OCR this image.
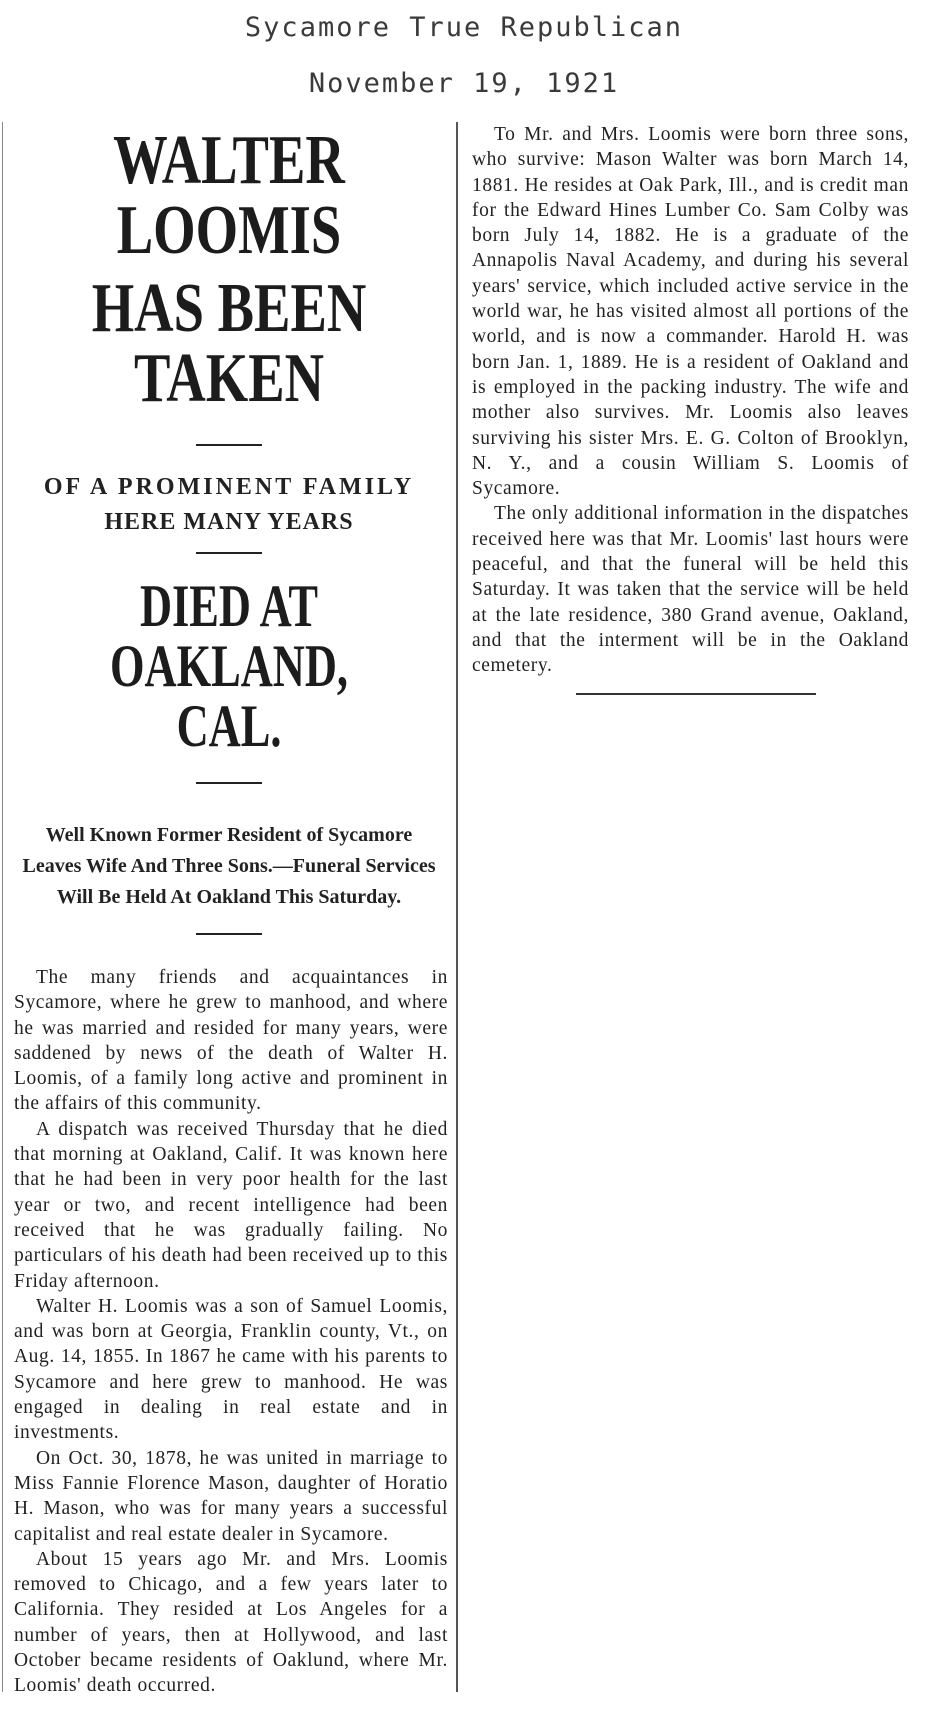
Sycamore True Republican
November 19, 1921
WALTER LOOMIS
HAS BEEN TAKEN
OF A PROMINENT FAMILY
HERE MANY YEARS
DIED AT OAKLAND, CAL.
Well Known Former Resident of Sycamore Leaves Wife And Three Sons.—Funeral Services Will Be Held At Oakland This Saturday.

The many friends and acquaintances in Sycamore, where he grew to manhood, and where he was married and resided for many years, were saddened by news of the death of Walter H. Loomis, of a family long active and prominent in the affairs of this community.

A dispatch was received Thursday that he died that morning at Oakland, Calif. It was known here that he had been in very poor health for the last year or two, and recent intelligence had been received that he was gradually failing. No particulars of his death had been received up to this Friday afternoon.

Walter H. Loomis was a son of Samuel Loomis, and was born at Georgia, Franklin county, Vt., on Aug. 14, 1855. In 1867 he came with his parents to Sycamore and here grew to manhood. He was engaged in dealing in real estate and in investments.

On Oct. 30, 1878, he was united in marriage to Miss Fannie Florence Mason, daughter of Horatio H. Mason, who was for many years a successful capitalist and real estate dealer in Sycamore.

About 15 years ago Mr. and Mrs. Loomis removed to Chicago, and a few years later to California. They resided at Los Angeles for a number of years, then at Hollywood, and last October became residents of Oaklund, where Mr. Loomis' death occurred.

To Mr. and Mrs. Loomis were born three sons, who survive: Mason Walter was born March 14, 1881. He resides at Oak Park, Ill., and is credit man for the Edward Hines Lumber Co. Sam Colby was born July 14, 1882. He is a graduate of the Annapolis Naval Academy, and during his several years' service, which included active service in the world war, he has visited almost all portions of the world, and is now a commander. Harold H. was born Jan. 1, 1889. He is a resident of Oakland and is employed in the packing industry. The wife and mother also survives. Mr. Loomis also leaves surviving his sister Mrs. E. G. Colton of Brooklyn, N. Y., and a cousin William S. Loomis of Sycamore.

The only additional information in the dispatches received here was that Mr. Loomis' last hours were peaceful, and that the funeral will be held this Saturday. It was taken that the service will be held at the late residence, 380 Grand avenue, Oakland, and that the interment will be in the Oakland cemetery.
